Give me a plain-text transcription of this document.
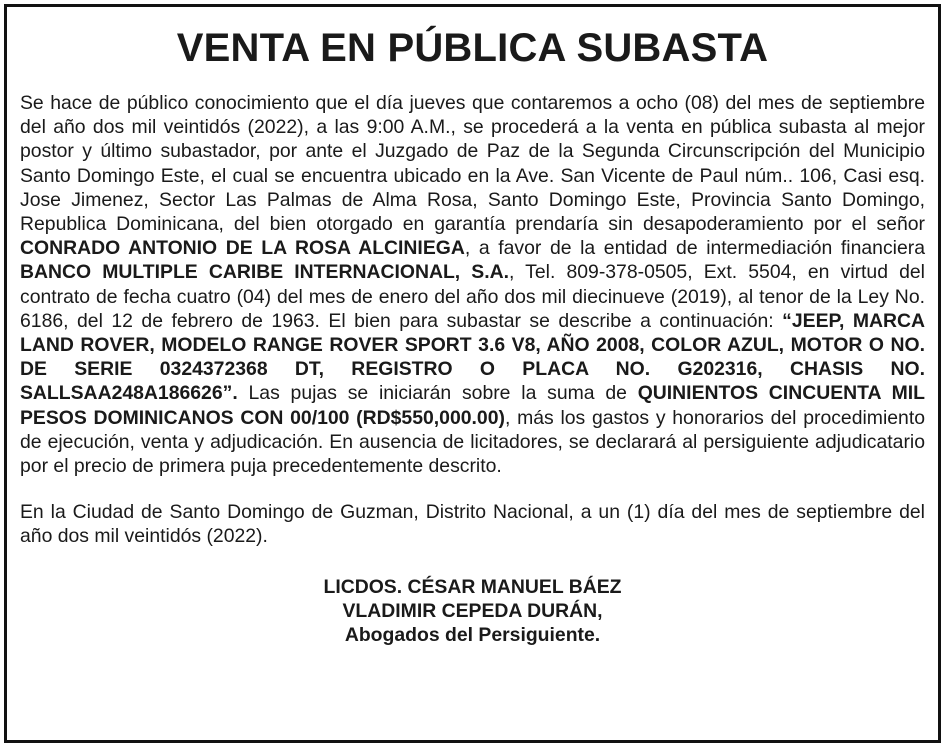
VENTA EN PÚBLICA SUBASTA

Se hace de público conocimiento que el día jueves que contaremos a ocho (08) del mes de septiembre del año dos mil veintidós (2022), a las 9:00 A.M., se procederá a la venta en pública subasta al mejor postor y último subastador, por ante el Juzgado de Paz de la Segunda Circunscripción del Municipio Santo Domingo Este, el cual se encuentra ubicado en la Ave. San Vicente de Paul núm.. 106, Casi esq. Jose Jimenez, Sector Las Palmas de Alma Rosa, Santo Domingo Este, Provincia Santo Domingo, Republica Dominicana, del bien otorgado en garantía prendaría sin desapoderamiento por el señor CONRADO ANTONIO DE LA ROSA ALCINIEGA, a favor de la entidad de intermediación financiera BANCO MULTIPLE CARIBE INTERNACIONAL, S.A., Tel. 809-378-0505, Ext. 5504, en virtud del contrato de fecha cuatro (04) del mes de enero del año dos mil diecinueve (2019), al tenor de la Ley No. 6186, del 12 de febrero de 1963. El bien para subastar se describe a continuación: “JEEP, MARCA LAND ROVER, MODELO RANGE ROVER SPORT 3.6 V8, AÑO 2008, COLOR AZUL, MOTOR O NO. DE SERIE 0324372368 DT, REGISTRO O PLACA NO. G202316, CHASIS NO. SALLSAA248A186626”. Las pujas se iniciarán sobre la suma de QUINIENTOS CINCUENTA MIL PESOS DOMINICANOS CON 00/100 (RD$550,000.00), más los gastos y honorarios del procedimiento de ejecución, venta y adjudicación. En ausencia de licitadores, se declarará al persiguiente adjudicatario por el precio de primera puja precedentemente descrito.

En la Ciudad de Santo Domingo de Guzman, Distrito Nacional, a un (1) día del mes de septiembre del año dos mil veintidós (2022).

LICDOS. CÉSAR MANUEL BÁEZ
VLADIMIR CEPEDA DURÁN,
Abogados del Persiguiente.
